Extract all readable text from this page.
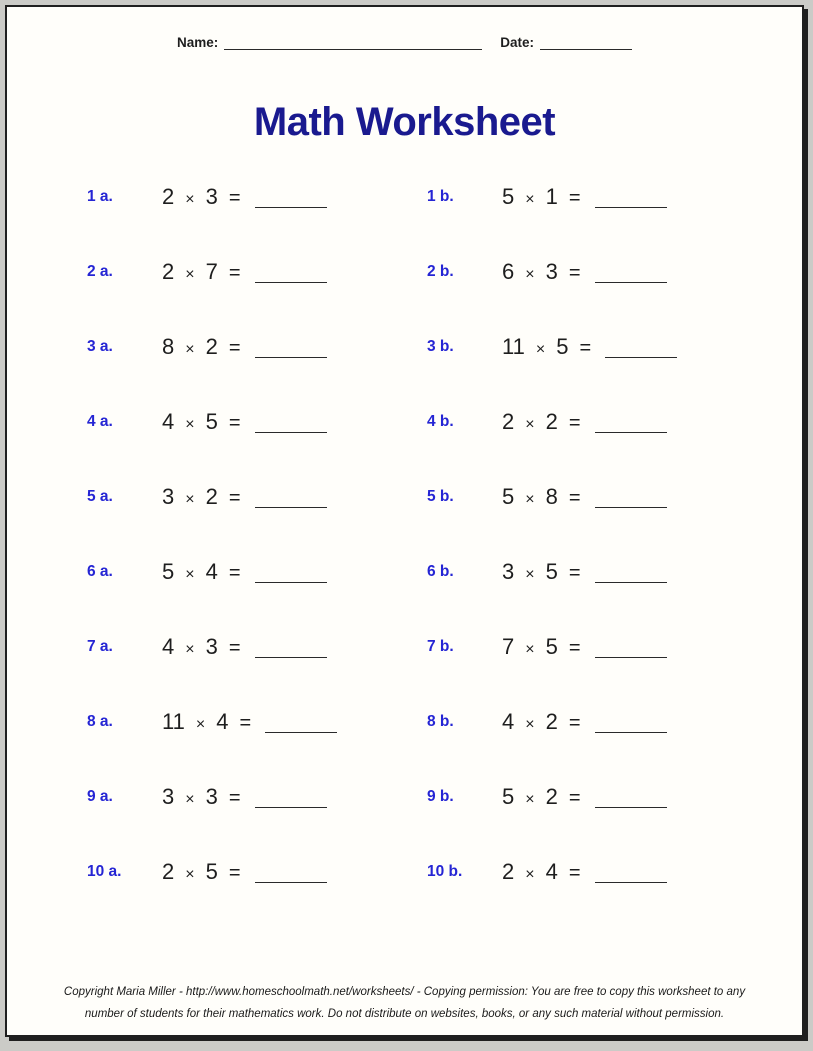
Name:	Date:
Math Worksheet
1 a.	2 × 3 =	1 b.	5 × 1 =
2 a.	2 × 7 =	2 b.	6 × 3 =
3 a.	8 × 2 =	3 b.	11 × 5 =
4 a.	4 × 5 =	4 b.	2 × 2 =
5 a.	3 × 2 =	5 b.	5 × 8 =
6 a.	5 × 4 =	6 b.	3 × 5 =
7 a.	4 × 3 =	7 b.	7 × 5 =
8 a.	11 × 4 =	8 b.	4 × 2 =
9 a.	3 × 3 =	9 b.	5 × 2 =
10 a.	2 × 5 =	10 b.	2 × 4 =
Copyright Maria Miller - http://www.homeschoolmath.net/worksheets/ - Copying permission: You are free to copy this worksheet to any
number of students for their mathematics work. Do not distribute on websites, books, or any such material without permission.
